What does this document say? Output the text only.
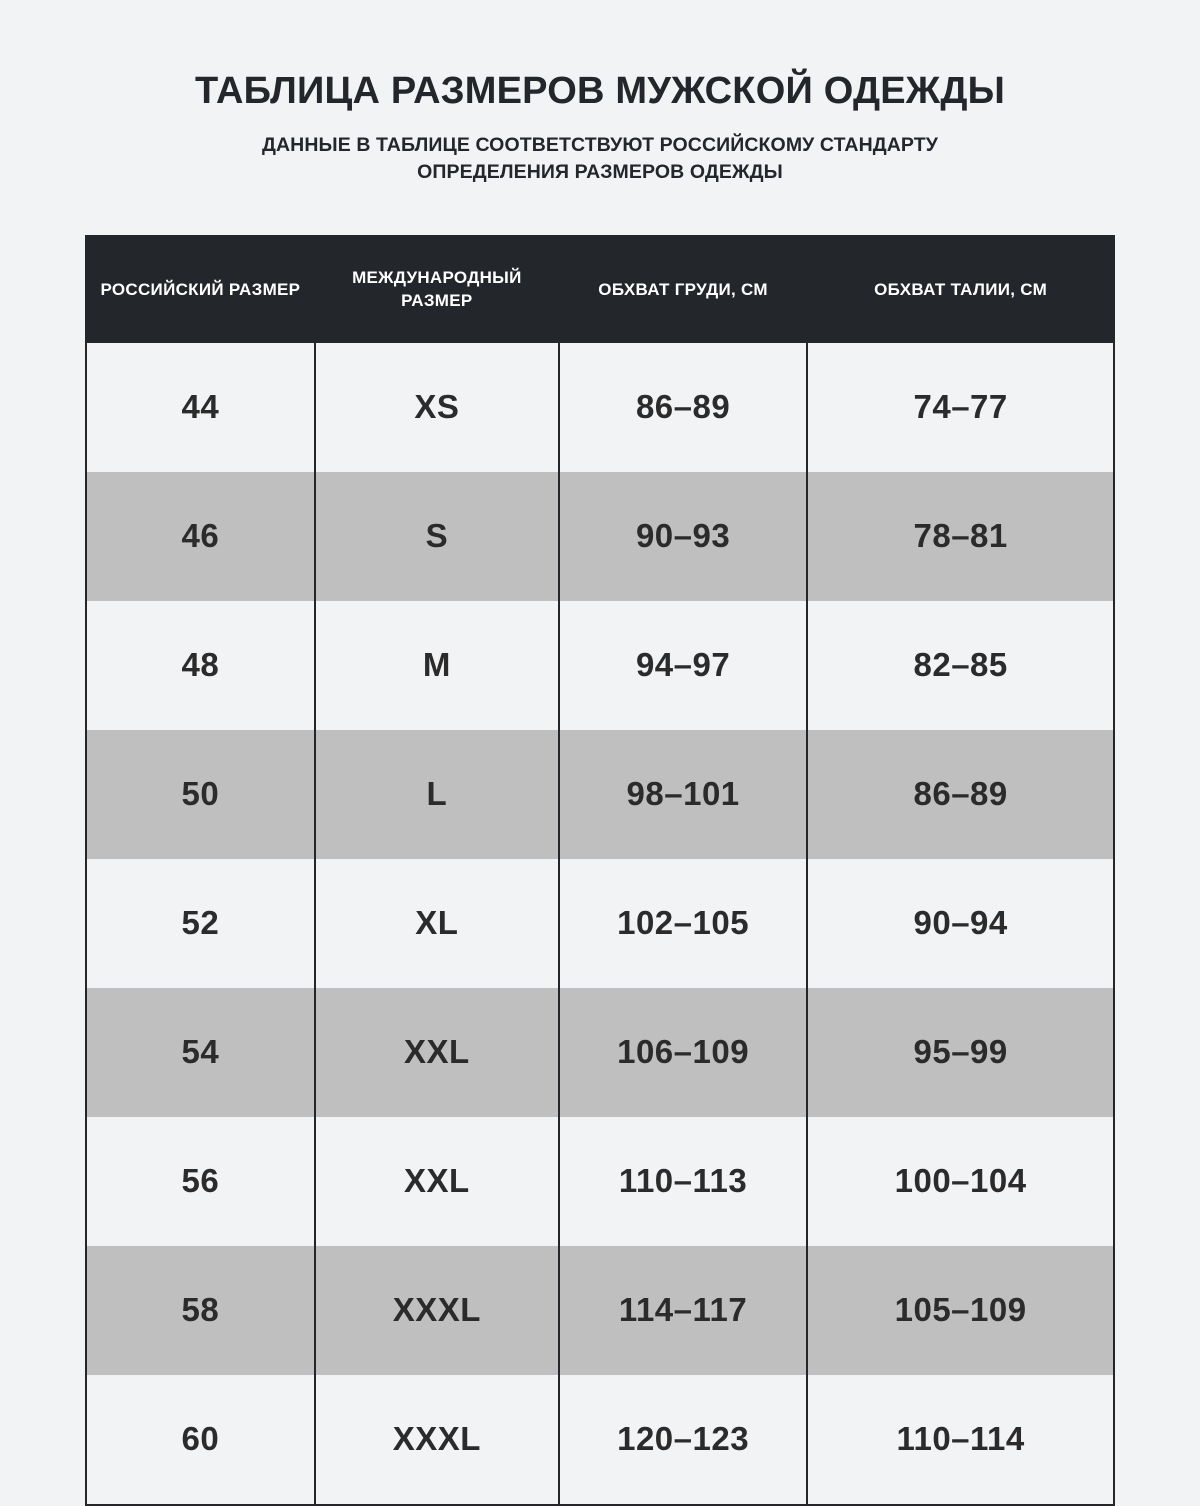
ТАБЛИЦА РАЗМЕРОВ МУЖСКОЙ ОДЕЖДЫ
ДАННЫЕ В ТАБЛИЦЕ СООТВЕТСТВУЮТ РОССИЙСКОМУ СТАНДАРТУ
ОПРЕДЕЛЕНИЯ РАЗМЕРОВ ОДЕЖДЫ
РОССИЙСКИЙ РАЗМЕР	МЕЖДУНАРОДНЫЙ РАЗМЕР	ОБХВАТ ГРУДИ, СМ	ОБХВАТ ТАЛИИ, СМ
44	XS	86–89	74–77
46	S	90–93	78–81
48	M	94–97	82–85
50	L	98–101	86–89
52	XL	102–105	90–94
54	XXL	106–109	95–99
56	XXL	110–113	100–104
58	XXXL	114–117	105–109
60	XXXL	120–123	110–114
